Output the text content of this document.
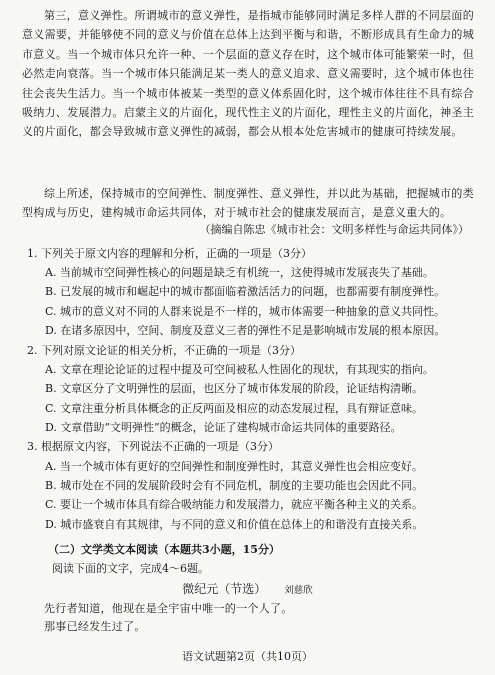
第三，意义弹性。所谓城市的意义弹性，是指城市能够同时满足多样人群的不同层面的意义需要，并能够使不同的意义与价值在总体上达到平衡与和谐，不断形成具有生命力的城市意义。当一个城市体只允许一种、一个层面的意义存在时，这个城市体可能繁荣一时，但必然走向衰落。当一个城市体只能满足某一类人的意义追求、意义需要时，这个城市体也往往会丧失生活力。当一个城市体被某一类型的意义体系固化时，这个城市体往往不具有综合吸纳力、发展潜力。启蒙主义的片面化，现代性主义的片面化，理性主义的片面化，神圣主义的片面化，都会导致城市意义弹性的减弱，都会从根本处危害城市的健康可持续发展。
综上所述，保持城市的空间弹性、制度弹性、意义弹性，并以此为基础，把握城市的类型构成与历史，建构城市命运共同体，对于城市社会的健康发展而言，是意义重大的。
（摘编自陈忠《城市社会：文明多样性与命运共同体》）
1. 下列关于原文内容的理解和分析，正确的一项是（3分）
A. 当前城市空间弹性核心的问题是缺乏有机统一，这使得城市发展丧失了基础。
B. 已发展的城市和崛起中的城市都面临着激活活力的问题，也都需要有制度弹性。
C. 城市的意义对不同的人群来说是不一样的，城市体需要一种抽象的意义共同性。
D. 在诸多原因中，空间、制度及意义三者的弹性不足是影响城市发展的根本原因。
2. 下列对原文论证的相关分析，不正确的一项是（3分）
A. 文章在理论论证的过程中提及可空间被私人性固化的现状，有其现实的指向。
B. 文章区分了文明弹性的层面，也区分了城市体发展的阶段，论证结构清晰。
C. 文章注重分析具体概念的正反两面及相应的动态发展过程，具有辩证意味。
D. 文章借助“文明弹性”的概念，论证了建构城市命运共同体的重要路径。
3. 根据原文内容，下列说法不正确的一项是（3分）
A. 当一个城市体有更好的空间弹性和制度弹性时，其意义弹性也会相应变好。
B. 城市处在不同的发展阶段时会有不同危机，制度的主要功能也会因此不同。
C. 要让一个城市体具有综合吸纳能力和发展潜力，就应平衡各种主义的关系。
D. 城市盛衰自有其规律，与不同的意义和价值在总体上的和谐没有直接关系。
（二）文学类文本阅读（本题共3小题，15分）
阅读下面的文字，完成4～6题。
微纪元（节选） 刘慈欣
先行者知道，他现在是全宇宙中唯一的一个人了。
那事已经发生过了。
语文试题第2页（共10页）
